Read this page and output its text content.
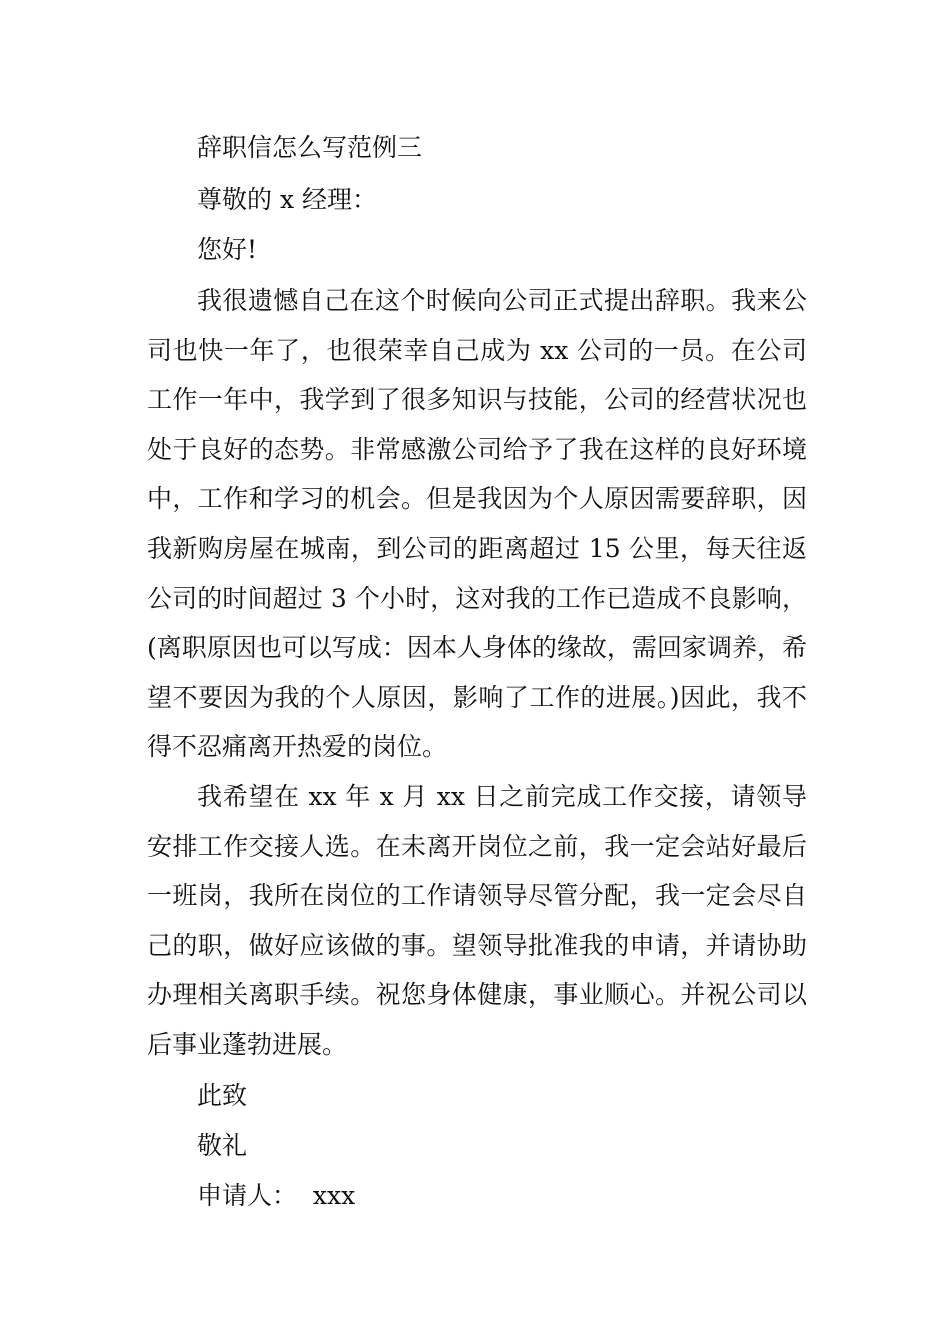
辞职信怎么写范例三

尊敬的 x 经理：

您好!

我很遗憾自己在这个时候向公司正式提出辞职。我来公司也快一年了，也很荣幸自己成为 xx 公司的一员。在公司工作一年中，我学到了很多知识与技能，公司的经营状况也处于良好的态势。非常感激公司给予了我在这样的良好环境中，工作和学习的机会。但是我因为个人原因需要辞职，因我新购房屋在城南，到公司的距离超过 15 公里，每天往返公司的时间超过 3 个小时，这对我的工作已造成不良影响，(离职原因也可以写成：因本人身体的缘故，需回家调养，希望不要因为我的个人原因，影响了工作的进展。)因此，我不得不忍痛离开热爱的岗位。

我希望在 xx 年 x 月 xx 日之前完成工作交接，请领导安排工作交接人选。在未离开岗位之前，我一定会站好最后一班岗，我所在岗位的工作请领导尽管分配，我一定会尽自己的职，做好应该做的事。望领导批准我的申请，并请协助办理相关离职手续。祝您身体健康，事业顺心。并祝公司以后事业蓬勃进展。

此致

敬礼

申请人：  xxx
